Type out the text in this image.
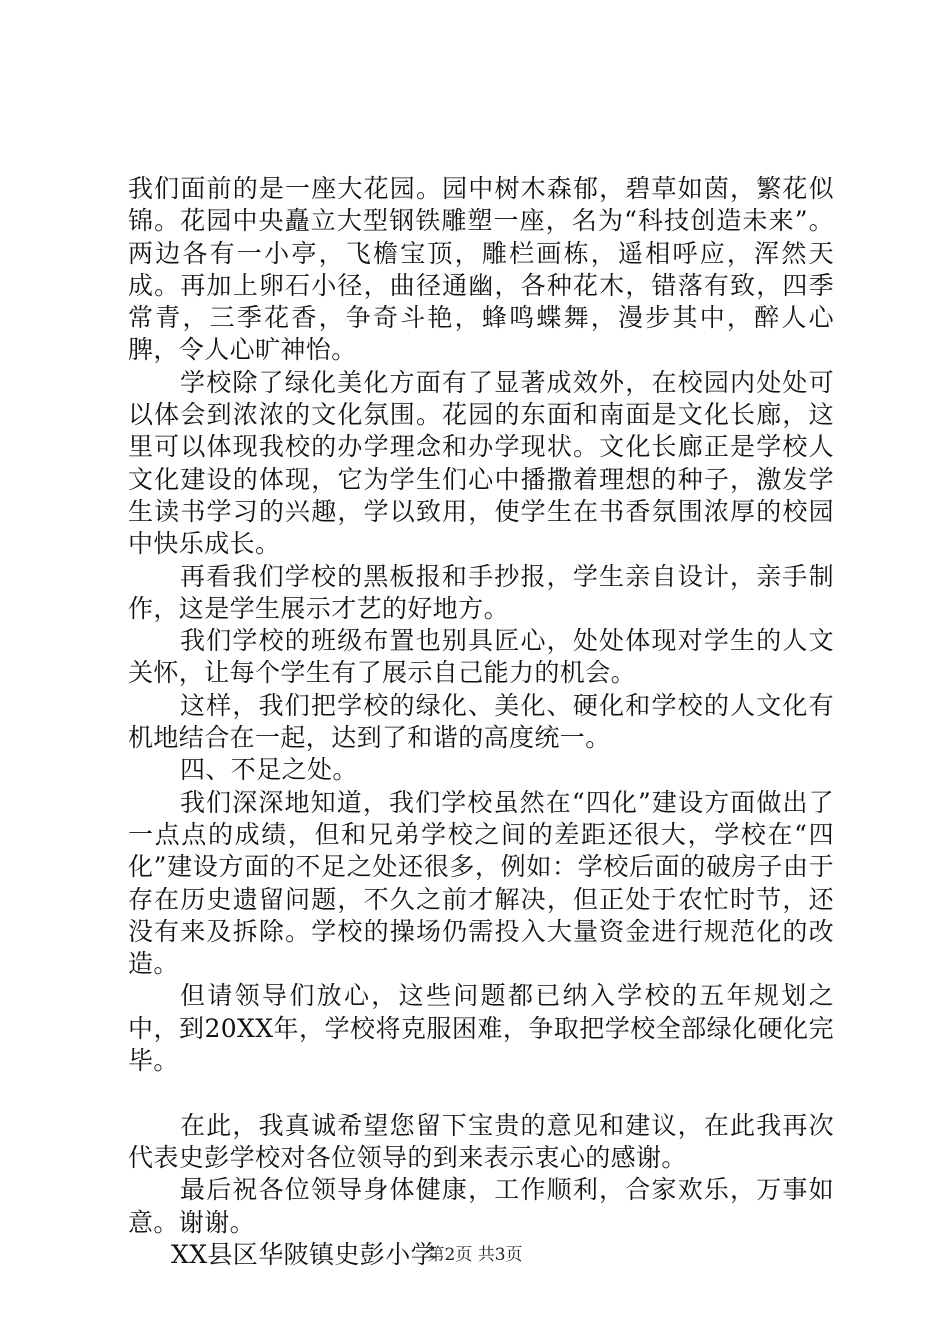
我们面前的是一座大花园。园中树木森郁，碧草如茵，繁花似锦。花园中央矗立大型钢铁雕塑一座，名为“科技创造未来”。两边各有一小亭，飞檐宝顶，雕栏画栋，遥相呼应，浑然天成。再加上卵石小径，曲径通幽，各种花木，错落有致，四季常青，三季花香，争奇斗艳，蜂鸣蝶舞，漫步其中，醉人心脾，令人心旷神怡。

学校除了绿化美化方面有了显著成效外，在校园内处处可以体会到浓浓的文化氛围。花园的东面和南面是文化长廊，这里可以体现我校的办学理念和办学现状。文化长廊正是学校人文化建设的体现，它为学生们心中播撒着理想的种子，激发学生读书学习的兴趣，学以致用，使学生在书香氛围浓厚的校园中快乐成长。

再看我们学校的黑板报和手抄报，学生亲自设计，亲手制作，这是学生展示才艺的好地方。

我们学校的班级布置也别具匠心，处处体现对学生的人文关怀，让每个学生有了展示自己能力的机会。

这样，我们把学校的绿化、美化、硬化和学校的人文化有机地结合在一起，达到了和谐的高度统一。

四、不足之处。

我们深深地知道，我们学校虽然在“四化”建设方面做出了一点点的成绩，但和兄弟学校之间的差距还很大，学校在“四化”建设方面的不足之处还很多，例如：学校后面的破房子由于存在历史遗留问题，不久之前才解决，但正处于农忙时节，还没有来及拆除。学校的操场仍需投入大量资金进行规范化的改造。

但请领导们放心，这些问题都已纳入学校的五年规划之中，到20XX年，学校将克服困难，争取把学校全部绿化硬化完毕。

在此，我真诚希望您留下宝贵的意见和建议，在此我再次代表史彭学校对各位领导的到来表示衷心的感谢。

最后祝各位领导身体健康，工作顺利，合家欢乐，万事如意。谢谢。

XX县区华陂镇史彭小学

第2页 共3页
